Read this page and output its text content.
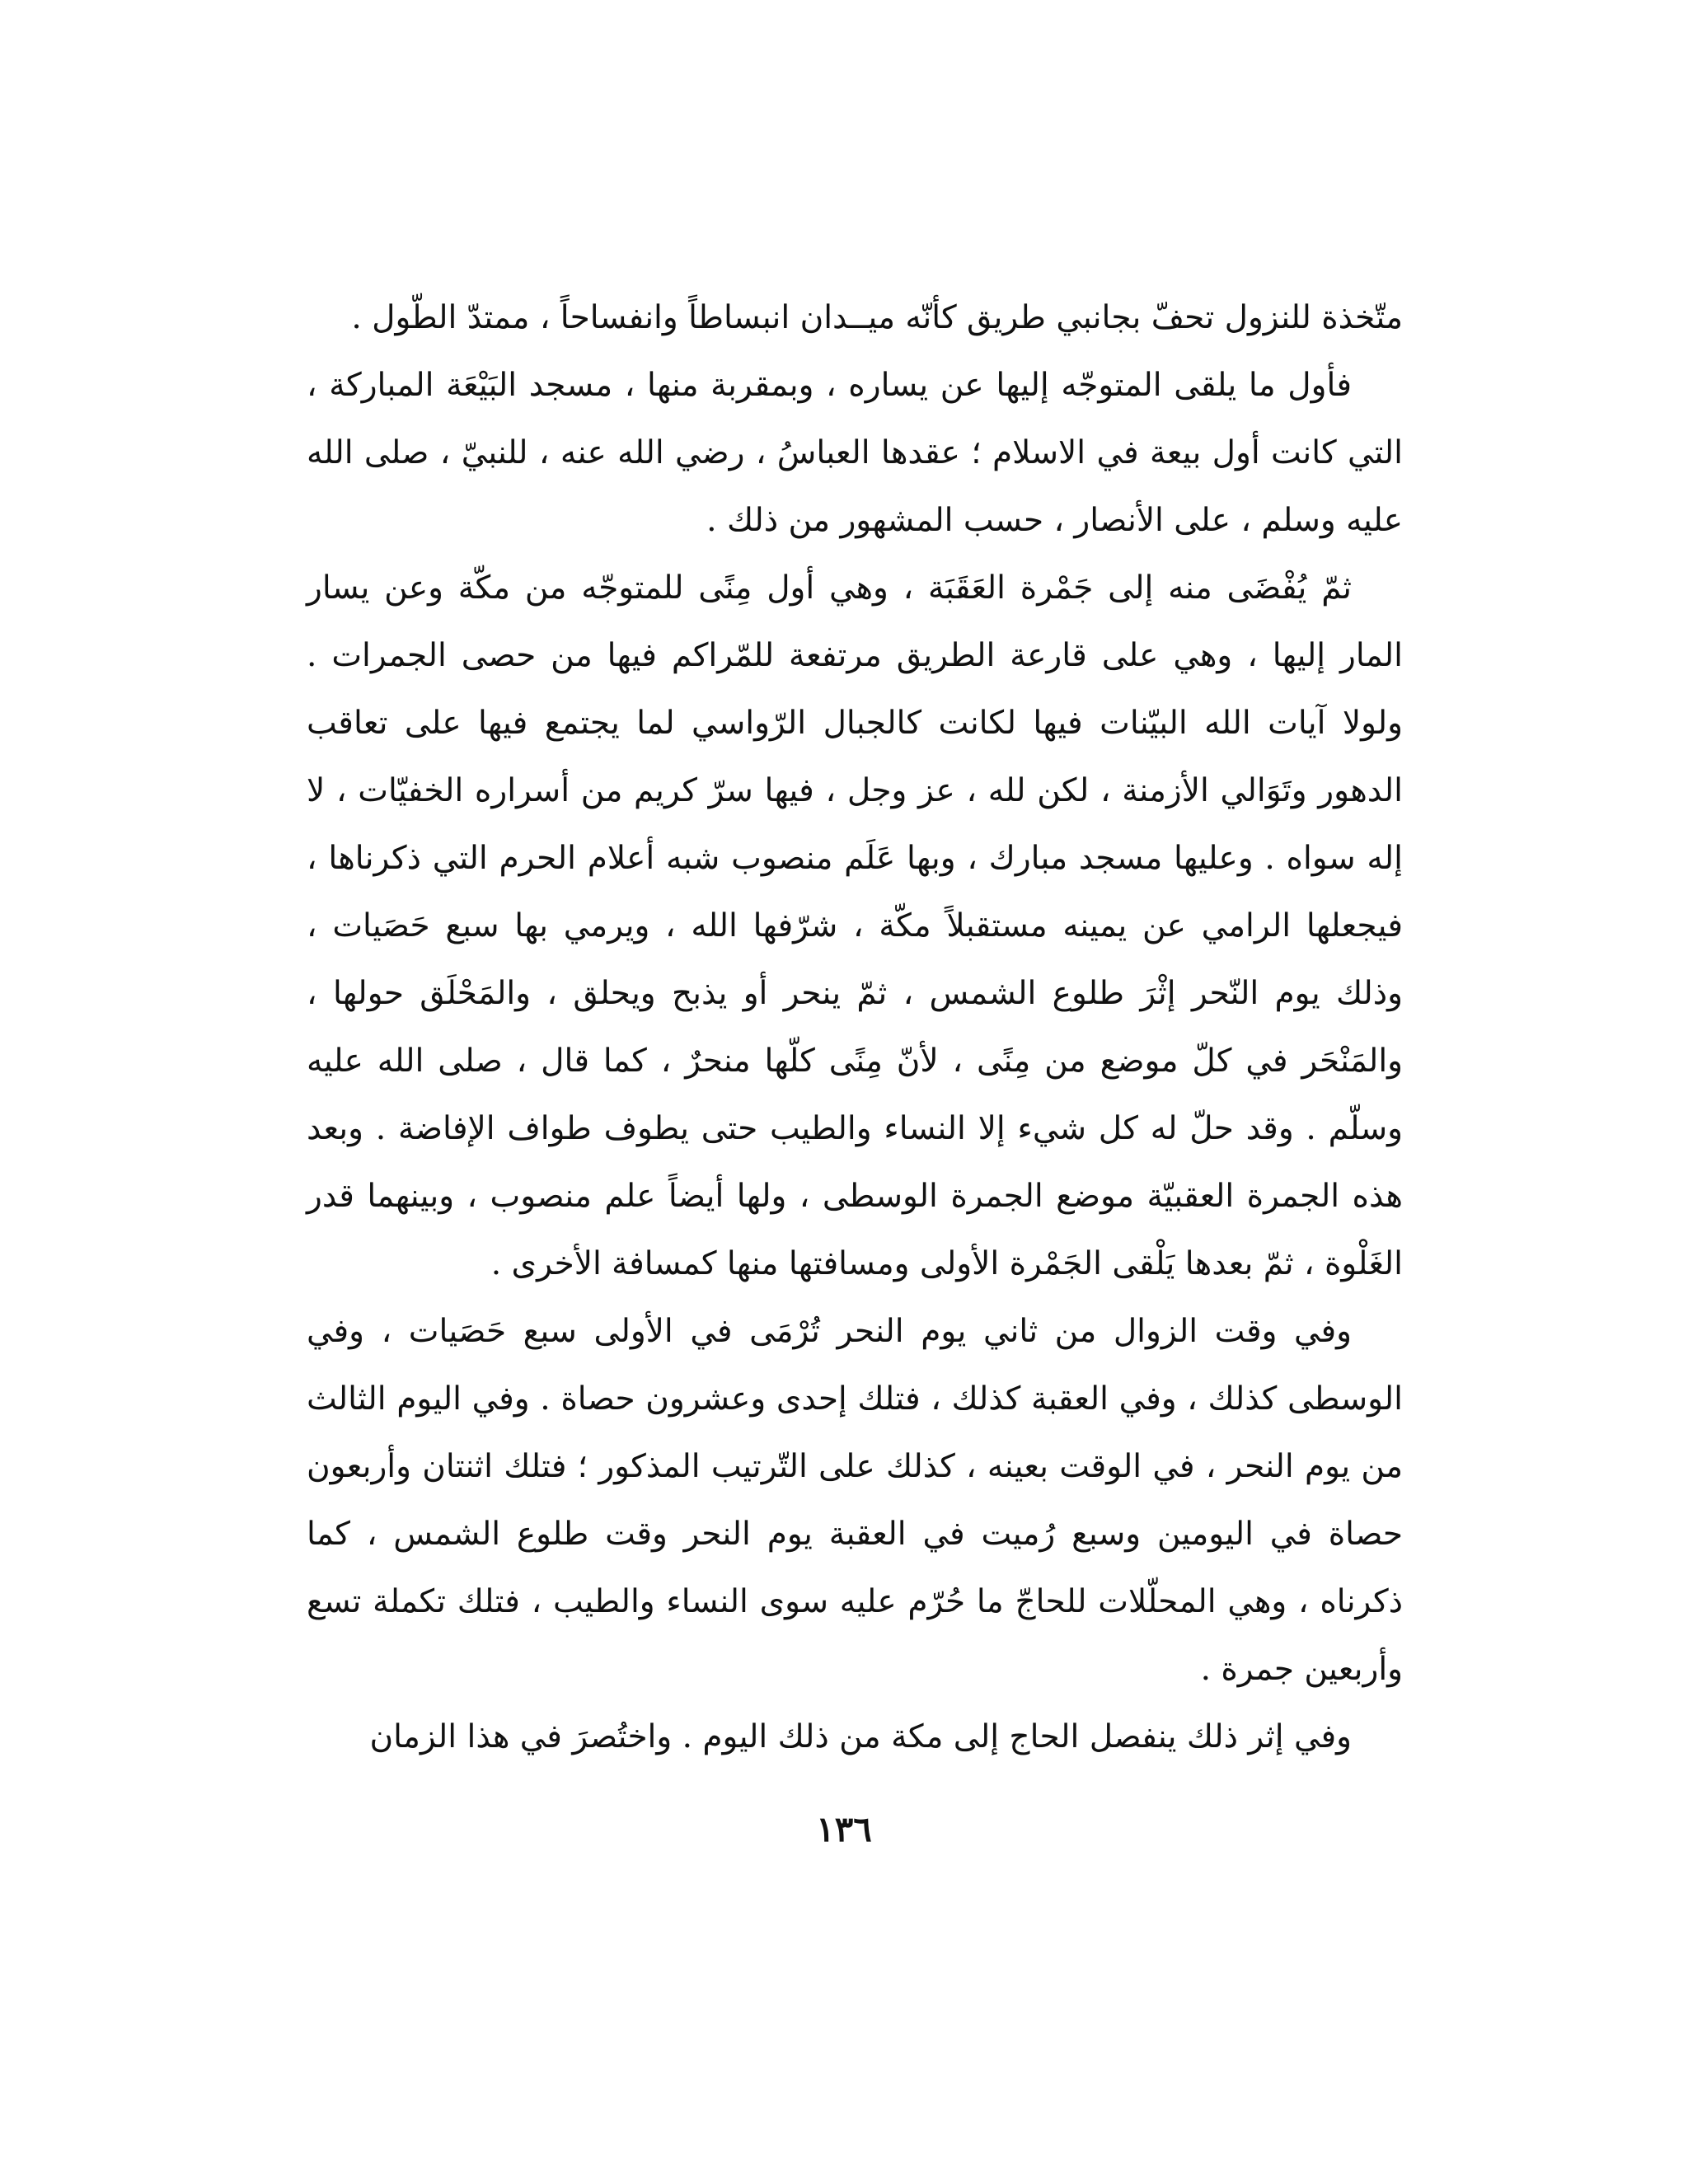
متّخذة للنزول تحفّ بجانبي طريق كأنّه ميــدان انبساطاً وانفساحاً ، ممتدّ الطّول .

فأول ما يلقى المتوجّه إليها عن يساره ، وبمقربة منها ، مسجد البَيْعَة المباركة ، التي كانت أول بيعة في الاسلام ؛ عقدها العباسُ ، رضي الله عنه ، للنبيّ ، صلى الله عليه وسلم ، على الأنصار ، حسب المشهور من ذلك .

ثمّ يُفْضَى منه إلى جَمْرة العَقَبَة ، وهي أول مِنًى للمتوجّه من مكّة وعن يسار المار إليها ، وهي على قارعة الطريق مرتفعة للمّراكم فيها من حصى الجمرات . ولولا آيات الله البيّنات فيها لكانت كالجبال الرّواسي لما يجتمع فيها على تعاقب الدهور وتَوَالي الأزمنة ، لكن لله ، عز وجل ، فيها سرّ كريم من أسراره الخفيّات ، لا إله سواه . وعليها مسجد مبارك ، وبها عَلَم منصوب شبه أعلام الحرم التي ذكرناها ، فيجعلها الرامي عن يمينه مستقبلاً مكّة ، شرّفها الله ، ويرمي بها سبع حَصَيات ، وذلك يوم النّحر إثْرَ طلوع الشمس ، ثمّ ينحر أو يذبح ويحلق ، والمَحْلَق حولها ، والمَنْحَر في كلّ موضع من مِنًى ، لأنّ مِنًى كلّها منحرٌ ، كما قال ، صلى الله عليه وسلّم . وقد حلّ له كل شيء إلا النساء والطيب حتى يطوف طواف الإفاضة . وبعد هذه الجمرة العقبيّة موضع الجمرة الوسطى ، ولها أيضاً علم منصوب ، وبينهما قدر الغَلْوة ، ثمّ بعدها يَلْقى الجَمْرة الأولى ومسافتها منها كمسافة الأخرى .

وفي وقت الزوال من ثاني يوم النحر تُرْمَى في الأولى سبع حَصَيات ، وفي الوسطى كذلك ، وفي العقبة كذلك ، فتلك إحدى وعشرون حصاة . وفي اليوم الثالث من يوم النحر ، في الوقت بعينه ، كذلك على التّرتيب المذكور ؛ فتلك اثنتان وأربعون حصاة في اليومين وسبع رُميت في العقبة يوم النحر وقت طلوع الشمس ، كما ذكرناه ، وهي المحلّلات للحاجّ ما حُرّم عليه سوى النساء والطيب ، فتلك تكملة تسع وأربعين جمرة .

وفي إثر ذلك ينفصل الحاج إلى مكة من ذلك اليوم . واختُصرَ في هذا الزمان

١٣٦
